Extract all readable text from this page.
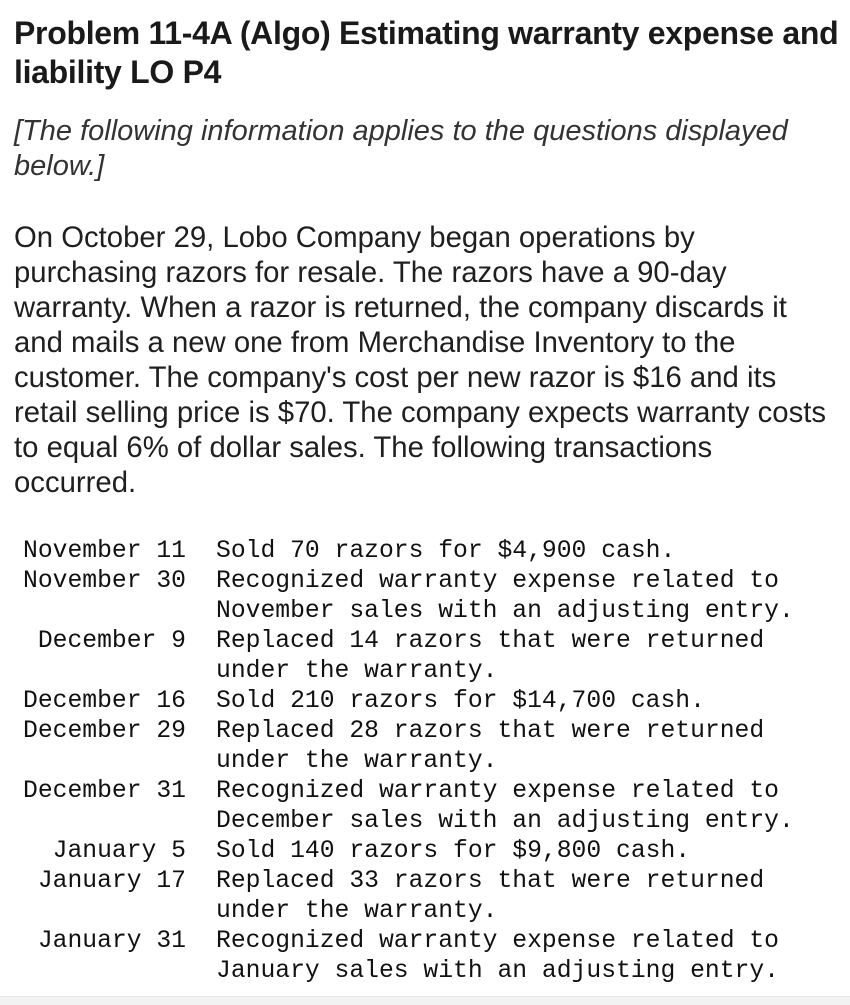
Problem 11-4A (Algo) Estimating warranty expense and liability LO P4

[The following information applies to the questions displayed below.]

On October 29, Lobo Company began operations by purchasing razors for resale. The razors have a 90-day warranty. When a razor is returned, the company discards it and mails a new one from Merchandise Inventory to the customer. The company's cost per new razor is $16 and its retail selling price is $70. The company expects warranty costs to equal 6% of dollar sales. The following transactions occurred.

November 11		Sold 70 razors for $4,900 cash.
November 30		Recognized warranty expense related to November sales with an adjusting entry.
December 9		Replaced 14 razors that were returned under the warranty.
December 16		Sold 210 razors for $14,700 cash.
December 29		Replaced 28 razors that were returned under the warranty.
December 31		Recognized warranty expense related to December sales with an adjusting entry.
January 5		Sold 140 razors for $9,800 cash.
January 17		Replaced 33 razors that were returned under the warranty.
January 31		Recognized warranty expense related to January sales with an adjusting entry.
